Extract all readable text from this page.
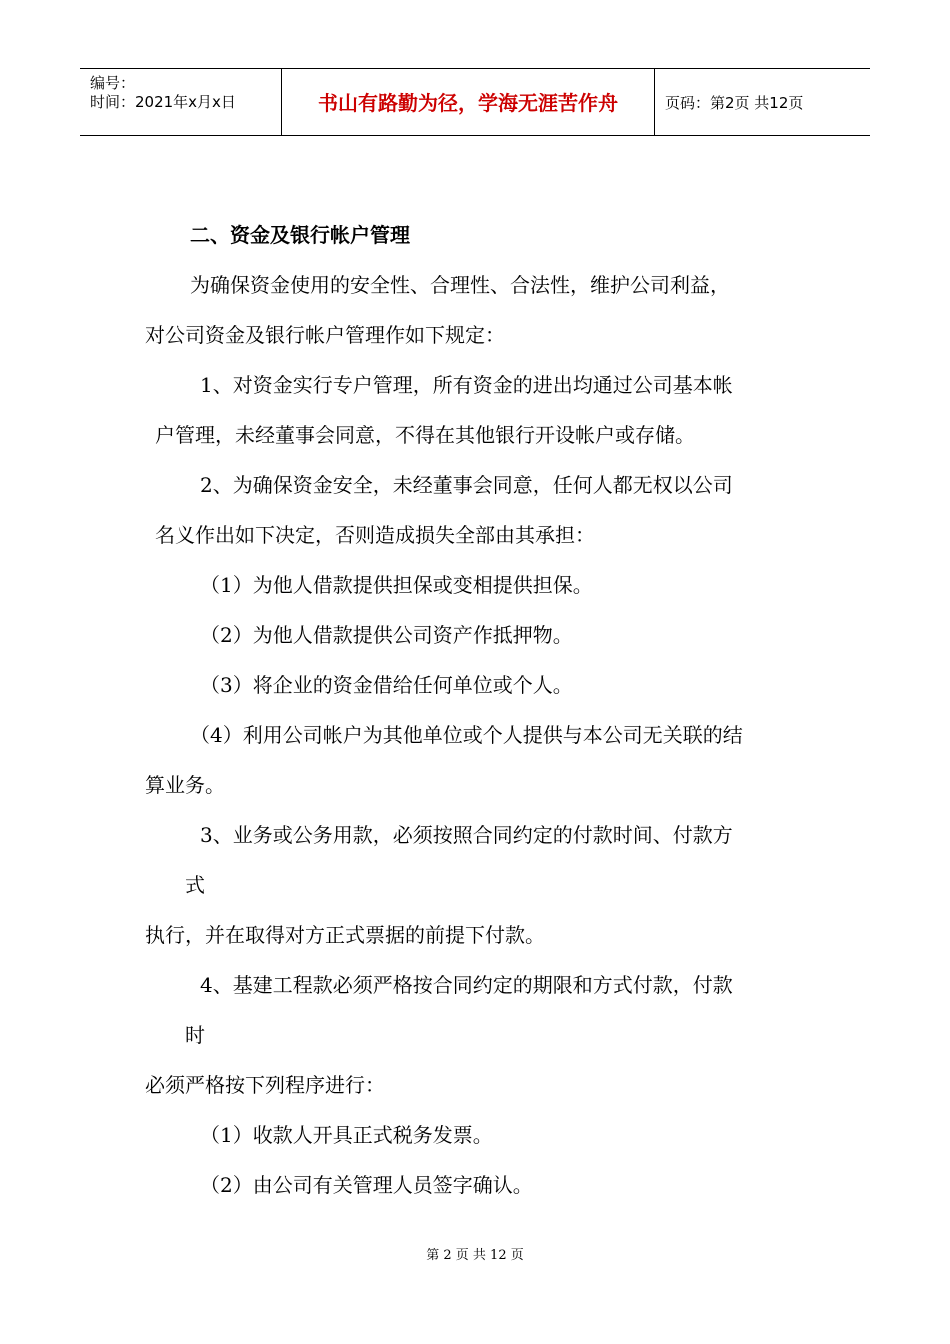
编号：
时间：2021年x月x日	书山有路勤为径，学海无涯苦作舟	页码：第2页 共12页
二、资金及银行帐户管理
为确保资金使用的安全性、合理性、合法性，维护公司利益，
对公司资金及银行帐户管理作如下规定：
1、对资金实行专户管理，所有资金的进出均通过公司基本帐
户管理，未经董事会同意，不得在其他银行开设帐户或存储。
2、为确保资金安全，未经董事会同意，任何人都无权以公司
名义作出如下决定，否则造成损失全部由其承担：
（1）为他人借款提供担保或变相提供担保。
（2）为他人借款提供公司资产作抵押物。
（3）将企业的资金借给任何单位或个人。
（4）利用公司帐户为其他单位或个人提供与本公司无关联的结
算业务。
3、业务或公务用款，必须按照合同约定的付款时间、付款方
式
执行，并在取得对方正式票据的前提下付款。
4、基建工程款必须严格按合同约定的期限和方式付款，付款
时
必须严格按下列程序进行：
（1）收款人开具正式税务发票。
（2）由公司有关管理人员签字确认。
第 2 页 共 12 页
